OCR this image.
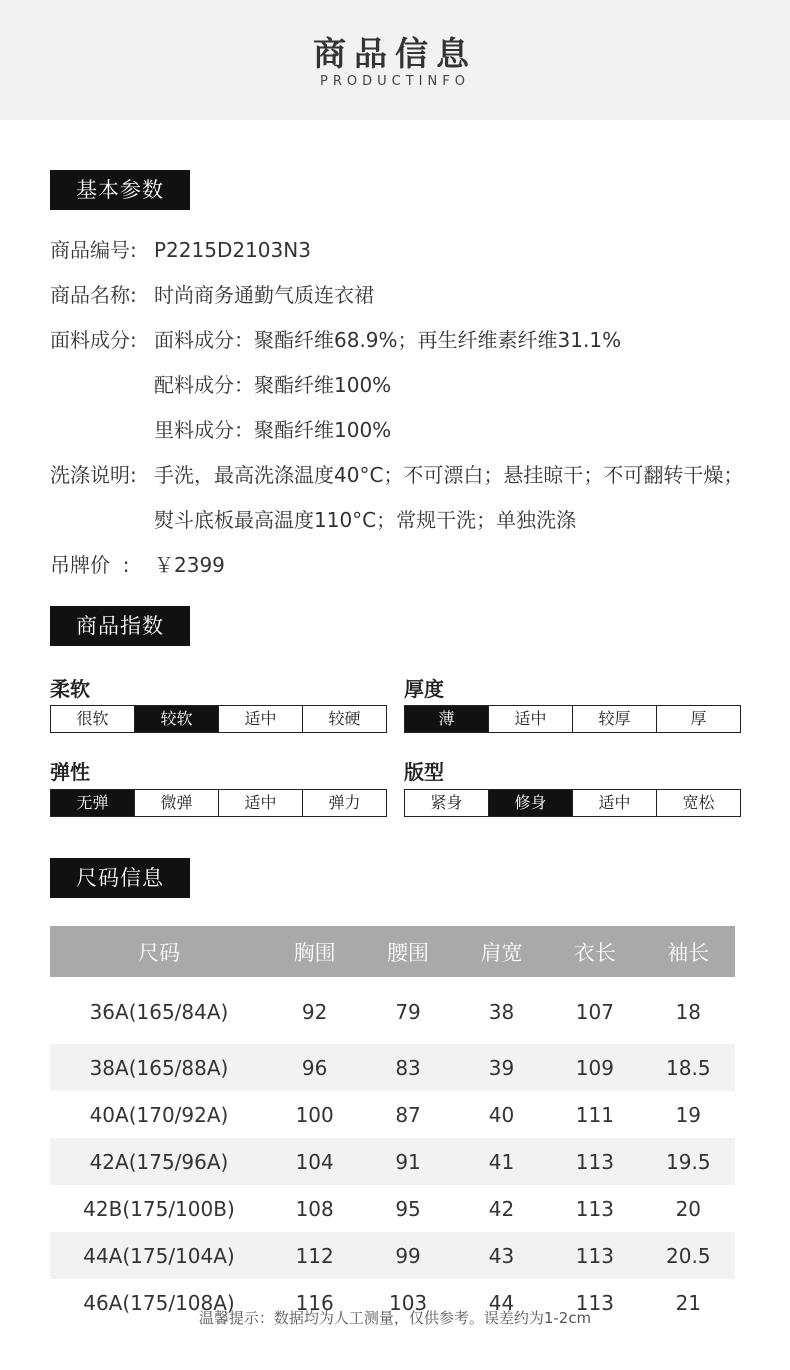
商品信息
PRODUCTINFO
基本参数
商品编号: P2215D2103N3
商品名称: 时尚商务通勤气质连衣裙
面料成分: 面料成分：聚酯纤维68.9%；再生纤维素纤维31.1%
配料成分：聚酯纤维100%
里料成分：聚酯纤维100%
洗涤说明: 手洗，最高洗涤温度40°C；不可漂白；悬挂晾干；不可翻转干燥；
熨斗底板最高温度110°C；常规干洗；单独洗涤
吊牌价  : ￥2399
商品指数
柔软
很软	较软	适中	较硬
厚度
薄	适中	较厚	厚
弹性
无弹	微弹	适中	弹力
版型
紧身	修身	适中	宽松
尺码信息
尺码	胸围	腰围	肩宽	衣长	袖长
36A(165/84A)	92	79	38	107	18
38A(165/88A)	96	83	39	109	18.5
40A(170/92A)	100	87	40	111	19
42A(175/96A)	104	91	41	113	19.5
42B(175/100B)	108	95	42	113	20
44A(175/104A)	112	99	43	113	20.5
46A(175/108A)	116	103	44	113	21
温馨提示：数据均为人工测量，仅供参考。误差约为1-2cm
